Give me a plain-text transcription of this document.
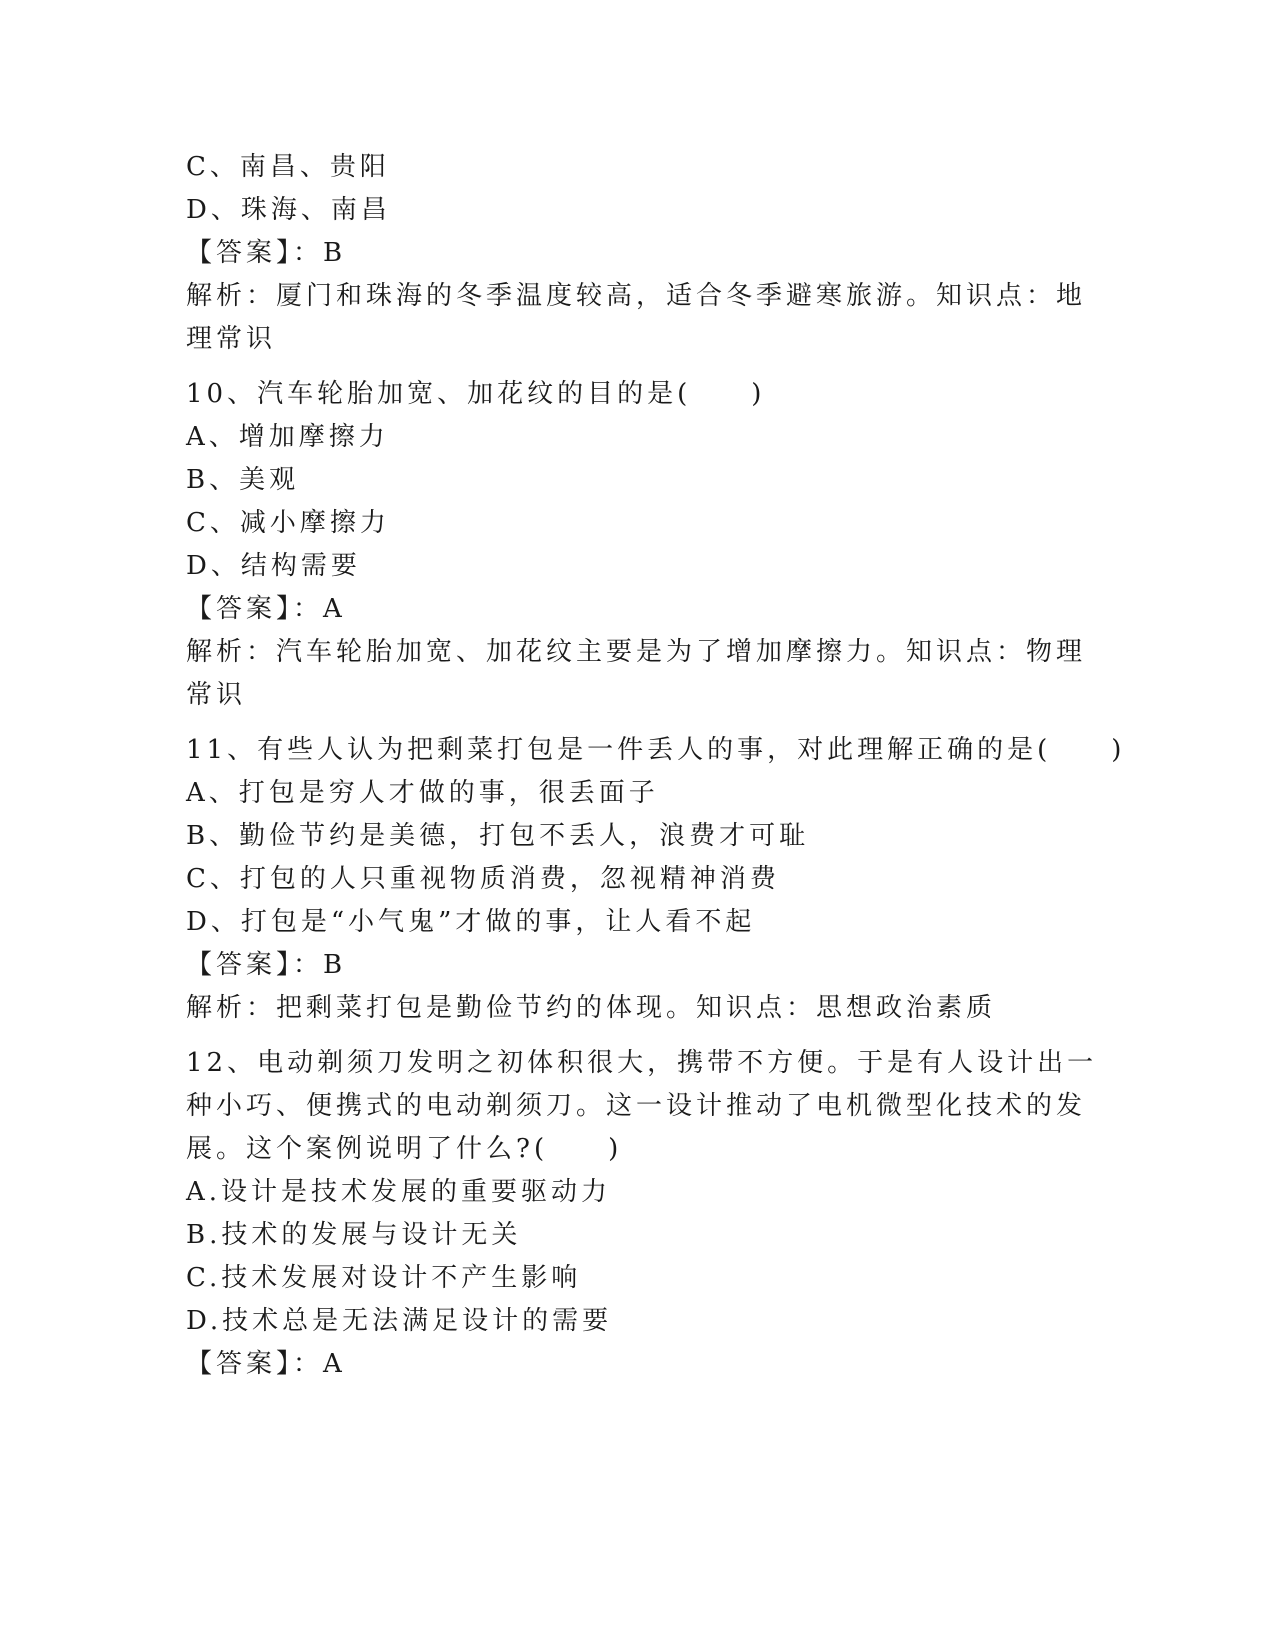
C、南昌、贵阳
D、珠海、南昌
【答案】：B
解析：厦门和珠海的冬季温度较高，适合冬季避寒旅游。知识点：地
理常识
10、汽车轮胎加宽、加花纹的目的是(　　)
A、增加摩擦力
B、美观
C、减小摩擦力
D、结构需要
【答案】：A
解析：汽车轮胎加宽、加花纹主要是为了增加摩擦力。知识点：物理
常识
11、有些人认为把剩菜打包是一件丢人的事，对此理解正确的是(　　)
A、打包是穷人才做的事，很丢面子
B、勤俭节约是美德，打包不丢人，浪费才可耻
C、打包的人只重视物质消费，忽视精神消费
D、打包是“小气鬼”才做的事，让人看不起
【答案】：B
解析：把剩菜打包是勤俭节约的体现。知识点：思想政治素质
12、电动剃须刀发明之初体积很大，携带不方便。于是有人设计出一
种小巧、便携式的电动剃须刀。这一设计推动了电机微型化技术的发
展。这个案例说明了什么?(　　)
A.设计是技术发展的重要驱动力
B.技术的发展与设计无关
C.技术发展对设计不产生影响
D.技术总是无法满足设计的需要
【答案】：A
